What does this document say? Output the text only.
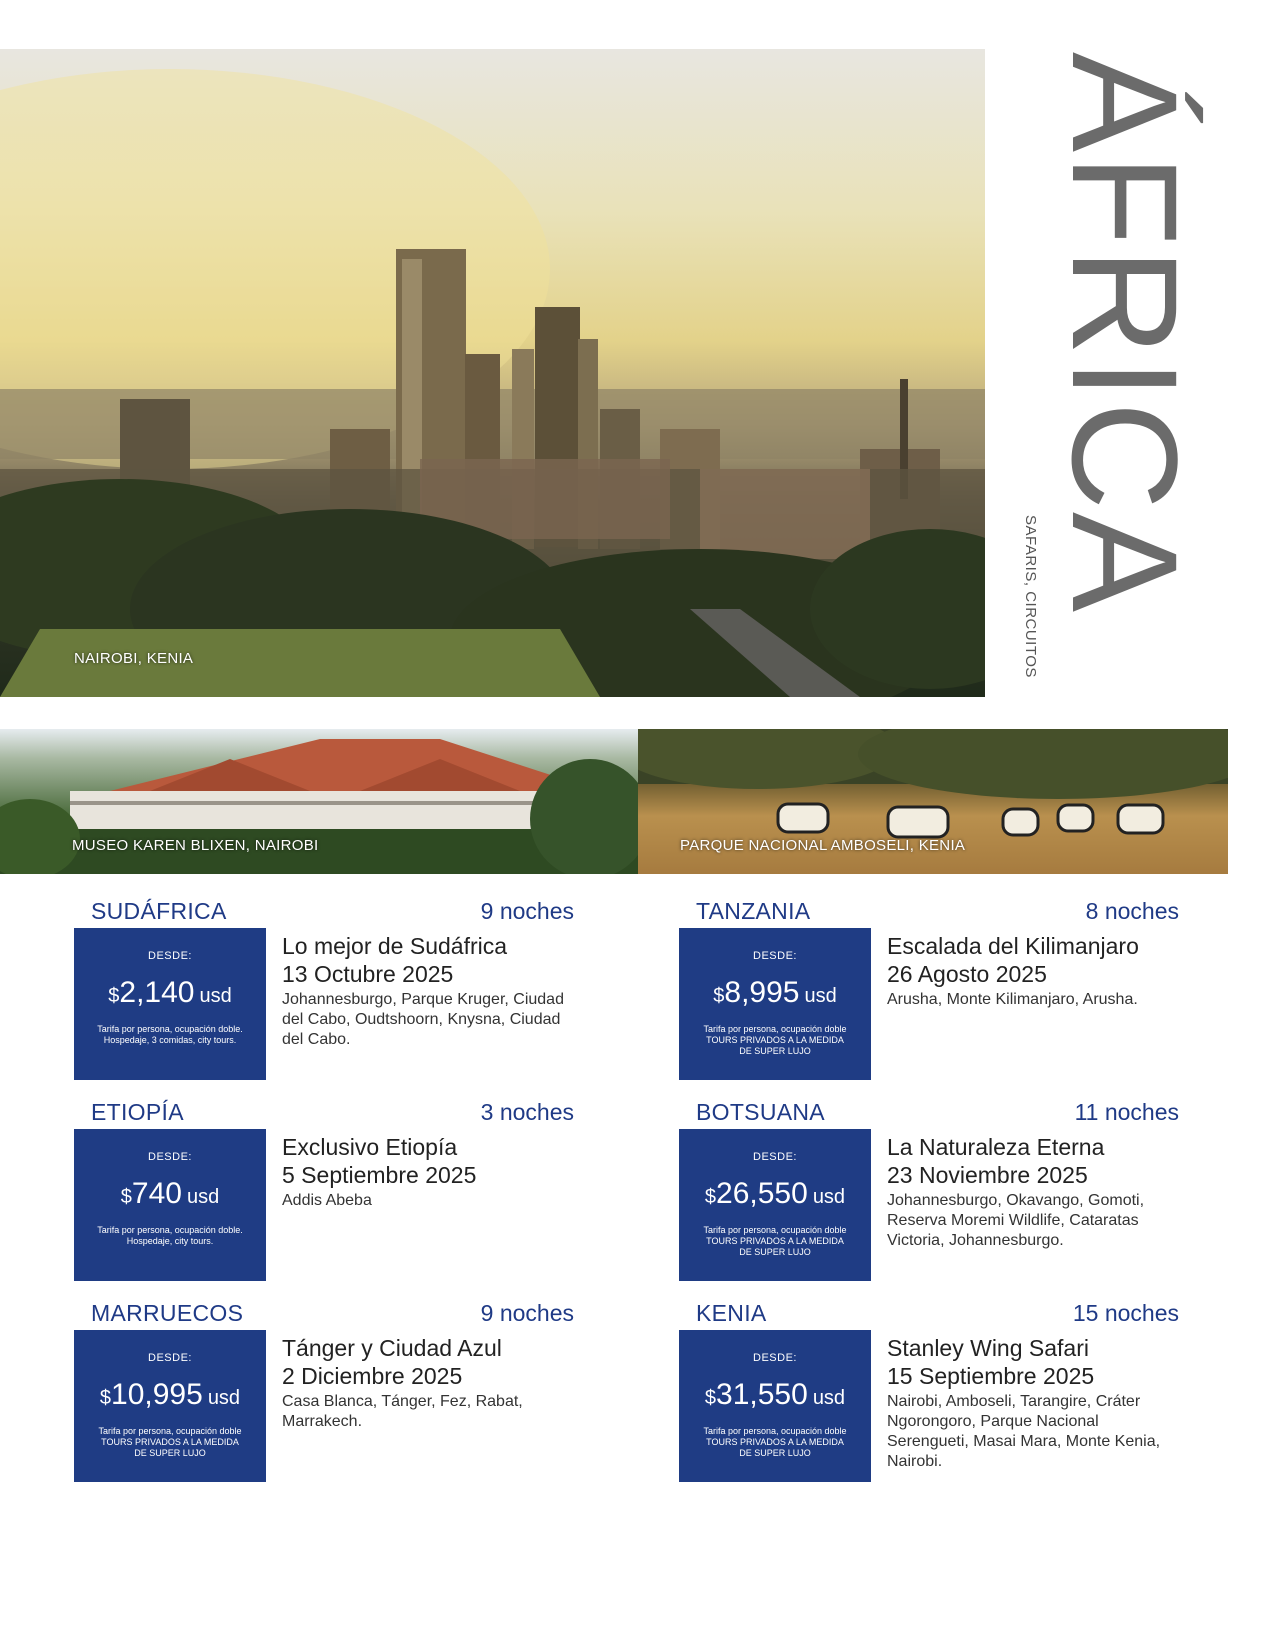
NAIROBI, KENIA
ÁFRICA
SAFARIS, CIRCUITOS
MUSEO KAREN BLIXEN, NAIROBI	PARQUE NACIONAL AMBOSELI, KENIA
SUDÁFRICA	9 noches
DESDE:
$2,140 usd
Tarifa por persona, ocupación doble.
Hospedaje, 3 comidas, city tours.
Lo mejor de Sudáfrica
13 Octubre 2025
Johannesburgo, Parque Kruger, Ciudad del Cabo, Oudtshoorn, Knysna, Ciudad del Cabo.
TANZANIA	8 noches
DESDE:
$8,995 usd
Tarifa por persona, ocupación doble
TOURS PRIVADOS A LA MEDIDA
DE SUPER LUJO
Escalada del Kilimanjaro
26 Agosto 2025
Arusha, Monte Kilimanjaro, Arusha.
ETIOPÍA	3 noches
DESDE:
$740 usd
Tarifa por persona, ocupación doble.
Hospedaje, city tours.
Exclusivo Etiopía
5 Septiembre 2025
Addis Abeba
BOTSUANA	11 noches
DESDE:
$26,550 usd
Tarifa por persona, ocupación doble
TOURS PRIVADOS A LA MEDIDA
DE SUPER LUJO
La Naturaleza Eterna
23 Noviembre 2025
Johannesburgo, Okavango, Gomoti, Reserva Moremi Wildlife, Cataratas Victoria, Johannesburgo.
MARRUECOS	9 noches
DESDE:
$10,995 usd
Tarifa por persona, ocupación doble
TOURS PRIVADOS A LA MEDIDA
DE SUPER LUJO
Tánger y Ciudad Azul
2 Diciembre 2025
Casa Blanca, Tánger, Fez, Rabat, Marrakech.
KENIA	15 noches
DESDE:
$31,550 usd
Tarifa por persona, ocupación doble
TOURS PRIVADOS A LA MEDIDA
DE SUPER LUJO
Stanley Wing Safari
15 Septiembre 2025
Nairobi, Amboseli, Tarangire, Cráter Ngorongoro, Parque Nacional Serengueti, Masai Mara, Monte Kenia, Nairobi.
